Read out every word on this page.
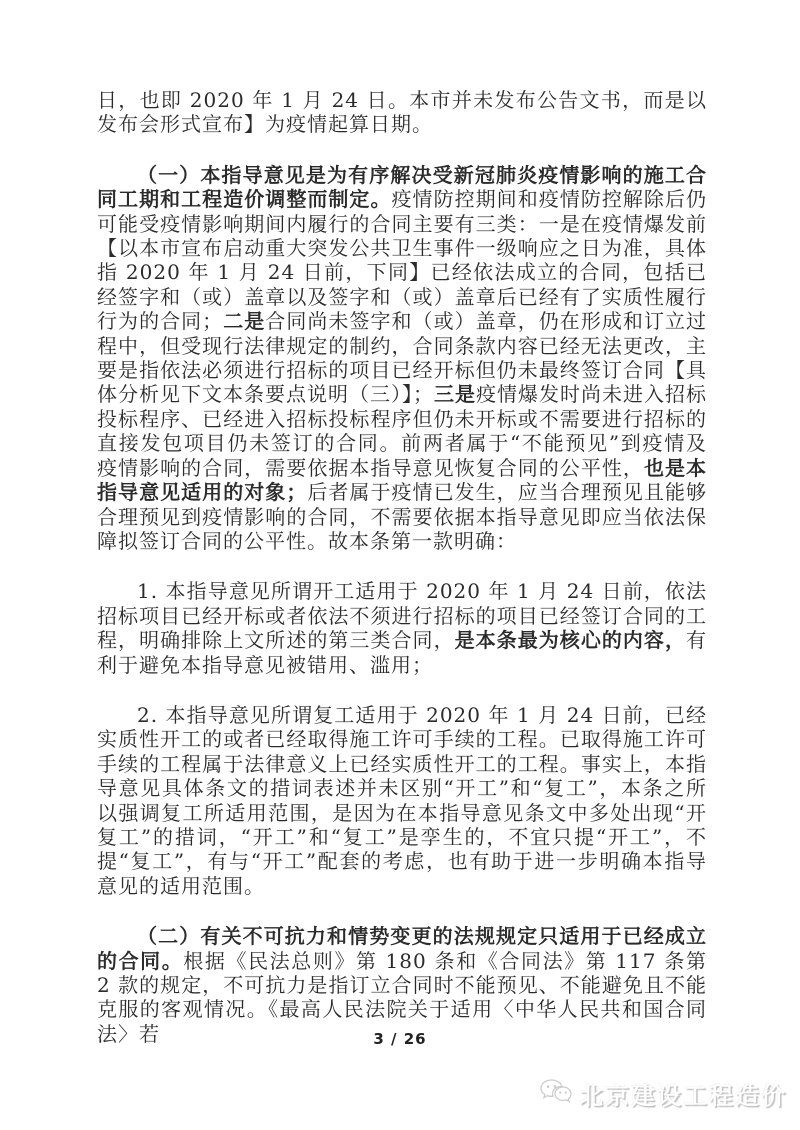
日，也即 2020 年 1 月 24 日。本市并未发布公告文书，而是以发布会形式宣布】为疫情起算日期。

（一）本指导意见是为有序解决受新冠肺炎疫情影响的施工合同工期和工程造价调整而制定。疫情防控期间和疫情防控解除后仍可能受疫情影响期间内履行的合同主要有三类：一是在疫情爆发前【以本市宣布启动重大突发公共卫生事件一级响应之日为准，具体指 2020 年 1 月 24 日前，下同】已经依法成立的合同，包括已经签字和（或）盖章以及签字和（或）盖章后已经有了实质性履行行为的合同；二是合同尚未签字和（或）盖章，仍在形成和订立过程中，但受现行法律规定的制约，合同条款内容已经无法更改，主要是指依法必须进行招标的项目已经开标但仍未最终签订合同【具体分析见下文本条要点说明（三）】；三是疫情爆发时尚未进入招标投标程序、已经进入招标投标程序但仍未开标或不需要进行招标的直接发包项目仍未签订的合同。前两者属于“不能预见”到疫情及疫情影响的合同，需要依据本指导意见恢复合同的公平性，也是本指导意见适用的对象；后者属于疫情已发生，应当合理预见且能够合理预见到疫情影响的合同，不需要依据本指导意见即应当依法保障拟签订合同的公平性。故本条第一款明确：

1. 本指导意见所谓开工适用于 2020 年 1 月 24 日前，依法招标项目已经开标或者依法不须进行招标的项目已经签订合同的工程，明确排除上文所述的第三类合同，是本条最为核心的内容，有利于避免本指导意见被错用、滥用；

2. 本指导意见所谓复工适用于 2020 年 1 月 24 日前，已经实质性开工的或者已经取得施工许可手续的工程。已取得施工许可手续的工程属于法律意义上已经实质性开工的工程。事实上，本指导意见具体条文的措词表述并未区别“开工”和“复工”，本条之所以强调复工所适用范围，是因为在本指导意见条文中多处出现“开复工”的措词，“开工”和“复工”是孪生的，不宜只提“开工”，不提“复工”，有与“开工”配套的考虑，也有助于进一步明确本指导意见的适用范围。

（二）有关不可抗力和情势变更的法规规定只适用于已经成立的合同。根据《民法总则》第 180 条和《合同法》第 117 条第 2 款的规定，不可抗力是指订立合同时不能预见、不能避免且不能克服的客观情况。《最高人民法院关于适用〈中华人民共和国合同法〉若	3 / 26
北京建设工程造价
